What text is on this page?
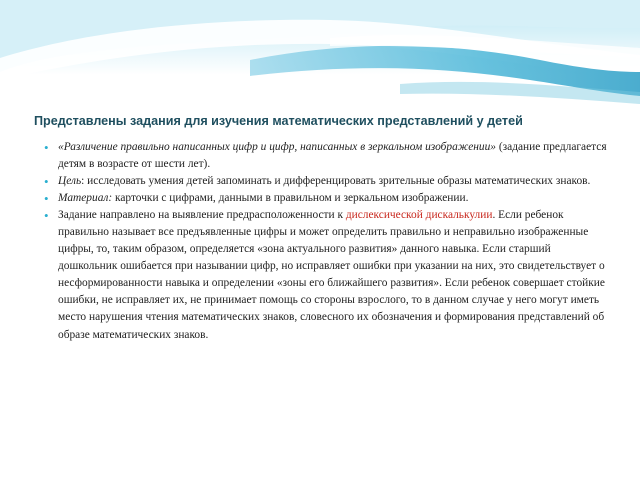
Представлены задания для изучения математических представлений у детей
• «Различение правильно написанных цифр и цифр, написанных в зеркальном изображении» (задание предлагается детям в возрасте от шести лет).
• Цель: исследовать умения детей запоминать и дифференцировать зрительные образы математических знаков.
• Материал: карточки с цифрами, данными в правильном и зеркальном изображении.
• Задание направлено на выявление предрасположенности к дислексической дискалькулии. Если ребенок правильно называет все предъявленные цифры и может определить правильно и неправильно изображенные цифры, то, таким образом, определяется «зона актуального развития» данного навыка. Если старший дошкольник ошибается при назывании цифр, но исправляет ошибки при указании на них, это свидетельствует о несформированности навыка и определении «зоны его ближайшего развития». Если ребенок совершает стойкие ошибки, не исправляет их, не принимает помощь со стороны взрослого, то в данном случае у него могут иметь место нарушения чтения математических знаков, словесного их обозначения и формирования представлений об образе математических знаков.
